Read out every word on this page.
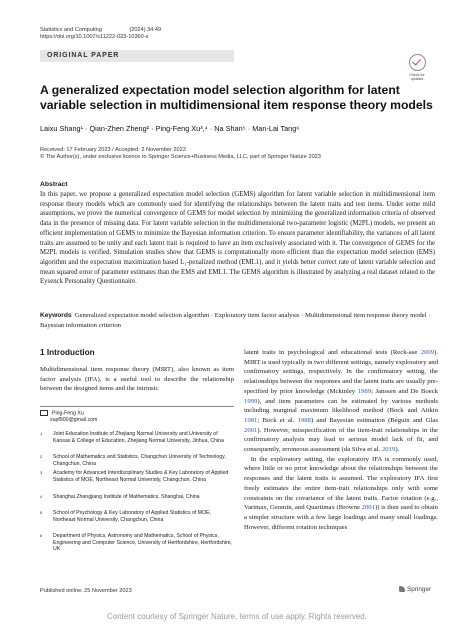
Statistics and Computing	(2024) 34:49
https://doi.org/10.1007/s11222-023-10360-x
ORIGINAL PAPER
Check for
updates
A generalized expectation model selection algorithm for latent variable selection in multidimensional item response theory models
Laixu Shang¹ · Qian-Zhen Zheng² · Ping-Feng Xu³,⁴ · Na Shan⁵ · Man-Lai Tang⁶
Received: 17 February 2023 / Accepted: 2 November 2023
© The Author(s), under exclusive licence to Springer Science+Business Media, LLC, part of Springer Nature 2023
Abstract
In this paper, we propose a generalized expectation model selection (GEMS) algorithm for latent variable selection in multidimensional item response theory models which are commonly used for identifying the relationships between the latent traits and test items. Under some mild assumptions, we prove the numerical convergence of GEMS for model selection by minimizing the generalized information criteria of observed data in the presence of missing data. For latent variable selection in the multidimensional two-parameter logistic (M2PL) models, we present an efficient implementation of GEMS to minimize the Bayesian information criterion. To ensure parameter identifiability, the variances of all latent traits are assumed to be unity and each latent trait is required to have an item exclusively associated with it. The convergence of GEMS for the M2PL models is verified. Simulation studies show that GEMS is computationally more efficient than the expectation model selection (EMS) algorithm and the expectation maximization based L₁-penalized method (EML1), and it yields better correct rate of latent variable selection and mean squared error of parameter estimates than the EMS and EML1. The GEMS algorithm is illustrated by analyzing a real dataset related to the Eysenck Personality Questionnaire.
Keywords Generalized expectation model selection algorithm · Exploratory item factor analysis · Multidimensional item response theory model · Bayesian information criterion
1 Introduction
Multidimensional item response theory (MIRT), also known as item factor analysis (IFA), is a useful tool to describe the relationship between the designed items and the intrinsic
latent traits in psychological and educational tests (Reck-ase 2009). MIRT is used typically in two different settings, namely exploratory and confirmatory settings, respectively. In the confirmatory setting, the relationships between the responses and the latent traits are usually pre-specified by prior knowledge (Mckinley 1989; Janssen and De Boeck 1999), and item parameters can be estimated by various methods including marginal maximum likelihood method (Bock and Aitkin 1981; Bock et al. 1988) and Bayesian estimation (Béguin and Glas 2001). However, misspecification of the item-trait relationships in the confirmatory analysis may lead to serious model lack of fit, and consequently, erroneous assessment (da Silva et al. 2019).
 In the exploratory setting, the exploratory IFA is commonly used, where little or no prior knowledge about the relationships between the responses and the latent traits is assumed. The exploratory IFA first freely estimates the entire item-trait relationships only with some constraints on the covariance of the latent traits. Factor rotation (e.g., Varimax, Geomin, and Quartimax (Browne 2001)) is then used to obtain a simpler structure with a few large loadings and many small loadings. However, different rotation techniques
Ping-Feng Xu
xupf900@gmail.com
1 Joint Education Institute of Zhejiang Normal University and University of Kansas & College of Education, Zhejiang Normal University, Jinhua, China
2 School of Mathematics and Statistics, Changchun University of Technology, Changchun, China
3 Academy for Advanced Interdisciplinary Studies & Key Laboratory of Applied Statistics of MOE, Northeast Normal University, Changchun, China
4 Shanghai Zhangjiang Institute of Mathematics, Shanghai, China
5 School of Psychology & Key Laboratory of Applied Statistics of MOE, Northeast Normal University, Changchun, China
6 Department of Physics, Astronomy and Mathematics, School of Physics, Engineering and Computer Science, University of Hertfordshire, Hertfordshire, UK
Published online: 25 November 2023	Springer
Content courtesy of Springer Nature, terms of use apply. Rights reserved.
